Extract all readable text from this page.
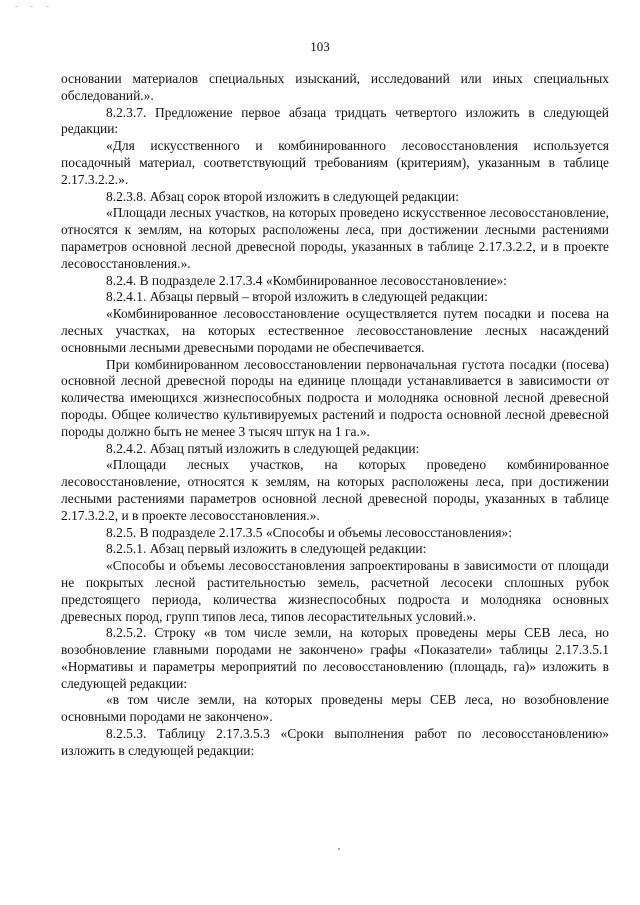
103

основании материалов специальных изысканий, исследований или иных специальных обследований.».

8.2.3.7. Предложение первое абзаца тридцать четвертого изложить в следующей редакции:

«Для искусственного и комбинированного лесовосстановления используется посадочный материал, соответствующий требованиям (критериям), указанным в таблице 2.17.3.2.2.».

8.2.3.8. Абзац сорок второй изложить в следующей редакции:

«Площади лесных участков, на которых проведено искусственное лесовосстановление, относятся к землям, на которых расположены леса, при достижении лесными растениями параметров основной лесной древесной породы, указанных в таблице 2.17.3.2.2, и в проекте лесовосстановления.».

8.2.4. В подразделе 2.17.3.4 «Комбинированное лесовосстановление»:

8.2.4.1. Абзацы первый – второй изложить в следующей редакции:

«Комбинированное лесовосстановление осуществляется путем посадки и посева на лесных участках, на которых естественное лесовосстановление лесных насаждений основными лесными древесными породами не обеспечивается.

При комбинированном лесовосстановлении первоначальная густота посадки (посева) основной лесной древесной породы на единице площади устанавливается в зависимости от количества имеющихся жизнеспособных подроста и молодняка основной лесной древесной породы. Общее количество культивируемых растений и подроста основной лесной древесной породы должно быть не менее 3 тысяч штук на 1 га.».

8.2.4.2. Абзац пятый изложить в следующей редакции:

«Площади лесных участков, на которых проведено комбинированное лесовосстановление, относятся к землям, на которых расположены леса, при достижении лесными растениями параметров основной лесной древесной породы, указанных в таблице 2.17.3.2.2, и в проекте лесовосстановления.».

8.2.5. В подразделе 2.17.3.5 «Способы и объемы лесовосстановления»:

8.2.5.1. Абзац первый изложить в следующей редакции:

«Способы и объемы лесовосстановления запроектированы в зависимости от площади не покрытых лесной растительностью земель, расчетной лесосеки сплошных рубок предстоящего периода, количества жизнеспособных подроста и молодняка основных древесных пород, групп типов леса, типов лесорастительных условий.».

8.2.5.2. Строку «в том числе земли, на которых проведены меры СЕВ леса, но возобновление главными породами не закончено» графы «Показатели» таблицы 2.17.3.5.1 «Нормативы и параметры мероприятий по лесовосстановлению (площадь, га)» изложить в следующей редакции:

«в том числе земли, на которых проведены меры СЕВ леса, но возобновление основными породами не закончено».

8.2.5.3. Таблицу 2.17.3.5.3 «Сроки выполнения работ по лесовосстановлению» изложить в следующей редакции:
